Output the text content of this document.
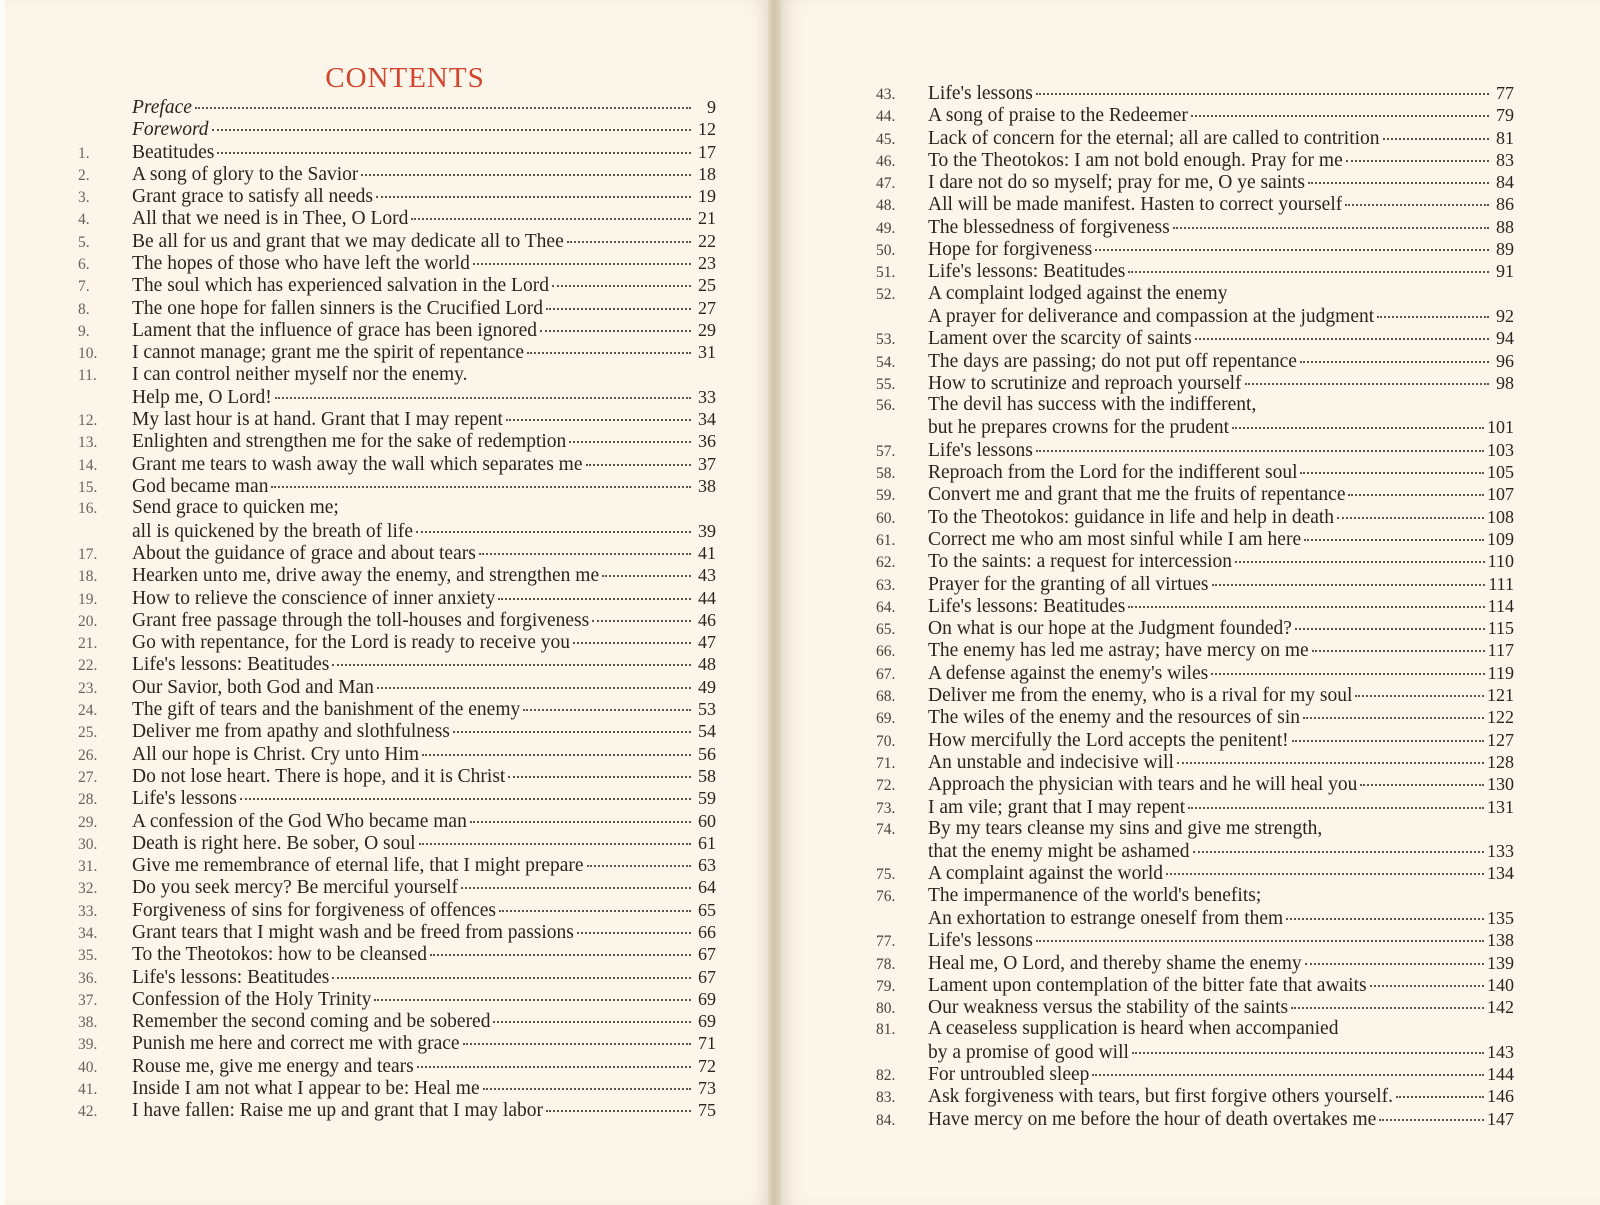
CONTENTS
Preface	9
Foreword	12
1.	Beatitudes	17
2.	A song of glory to the Savior	18
3.	Grant grace to satisfy all needs	19
4.	All that we need is in Thee, O Lord	21
5.	Be all for us and grant that we may dedicate all to Thee	22
6.	The hopes of those who have left the world	23
7.	The soul which has experienced salvation in the Lord	25
8.	The one hope for fallen sinners is the Crucified Lord	27
9.	Lament that the influence of grace has been ignored	29
10.	I cannot manage; grant me the spirit of repentance	31
11.	I can control neither myself nor the enemy.
Help me, O Lord!	33
12.	My last hour is at hand. Grant that I may repent	34
13.	Enlighten and strengthen me for the sake of redemption	36
14.	Grant me tears to wash away the wall which separates me	37
15.	God became man	38
16.	Send grace to quicken me;
all is quickened by the breath of life	39
17.	About the guidance of grace and about tears	41
18.	Hearken unto me, drive away the enemy, and strengthen me	43
19.	How to relieve the conscience of inner anxiety	44
20.	Grant free passage through the toll-houses and forgiveness	46
21.	Go with repentance, for the Lord is ready to receive you	47
22.	Life's lessons: Beatitudes	48
23.	Our Savior, both God and Man	49
24.	The gift of tears and the banishment of the enemy	53
25.	Deliver me from apathy and slothfulness	54
26.	All our hope is Christ. Cry unto Him	56
27.	Do not lose heart. There is hope, and it is Christ	58
28.	Life's lessons	59
29.	A confession of the God Who became man	60
30.	Death is right here. Be sober, O soul	61
31.	Give me remembrance of eternal life, that I might prepare	63
32.	Do you seek mercy? Be merciful yourself	64
33.	Forgiveness of sins for forgiveness of offences	65
34.	Grant tears that I might wash and be freed from passions	66
35.	To the Theotokos: how to be cleansed	67
36.	Life's lessons: Beatitudes	67
37.	Confession of the Holy Trinity	69
38.	Remember the second coming and be sobered	69
39.	Punish me here and correct me with grace	71
40.	Rouse me, give me energy and tears	72
41.	Inside I am not what I appear to be: Heal me	73
42.	I have fallen: Raise me up and grant that I may labor	75
43.	Life's lessons	77
44.	A song of praise to the Redeemer	79
45.	Lack of concern for the eternal; all are called to contrition	81
46.	To the Theotokos: I am not bold enough. Pray for me	83
47.	I dare not do so myself; pray for me, O ye saints	84
48.	All will be made manifest. Hasten to correct yourself	86
49.	The blessedness of forgiveness	88
50.	Hope for forgiveness	89
51.	Life's lessons: Beatitudes	91
52.	A complaint lodged against the enemy
A prayer for deliverance and compassion at the judgment	92
53.	Lament over the scarcity of saints	94
54.	The days are passing; do not put off repentance	96
55.	How to scrutinize and reproach yourself	98
56.	The devil has success with the indifferent,
but he prepares crowns for the prudent	101
57.	Life's lessons	103
58.	Reproach from the Lord for the indifferent soul	105
59.	Convert me and grant that me the fruits of repentance	107
60.	To the Theotokos: guidance in life and help in death	108
61.	Correct me who am most sinful while I am here	109
62.	To the saints: a request for intercession	110
63.	Prayer for the granting of all virtues	111
64.	Life's lessons: Beatitudes	114
65.	On what is our hope at the Judgment founded?	115
66.	The enemy has led me astray; have mercy on me	117
67.	A defense against the enemy's wiles	119
68.	Deliver me from the enemy, who is a rival for my soul	121
69.	The wiles of the enemy and the resources of sin	122
70.	How mercifully the Lord accepts the penitent!	127
71.	An unstable and indecisive will	128
72.	Approach the physician with tears and he will heal you	130
73.	I am vile; grant that I may repent	131
74.	By my tears cleanse my sins and give me strength,
that the enemy might be ashamed	133
75.	A complaint against the world	134
76.	The impermanence of the world's benefits;
An exhortation to estrange oneself from them	135
77.	Life's lessons	138
78.	Heal me, O Lord, and thereby shame the enemy	139
79.	Lament upon contemplation of the bitter fate that awaits	140
80.	Our weakness versus the stability of the saints	142
81.	A ceaseless supplication is heard when accompanied
by a promise of good will	143
82.	For untroubled sleep	144
83.	Ask forgiveness with tears, but first forgive others yourself.	146
84.	Have mercy on me before the hour of death overtakes me	147
